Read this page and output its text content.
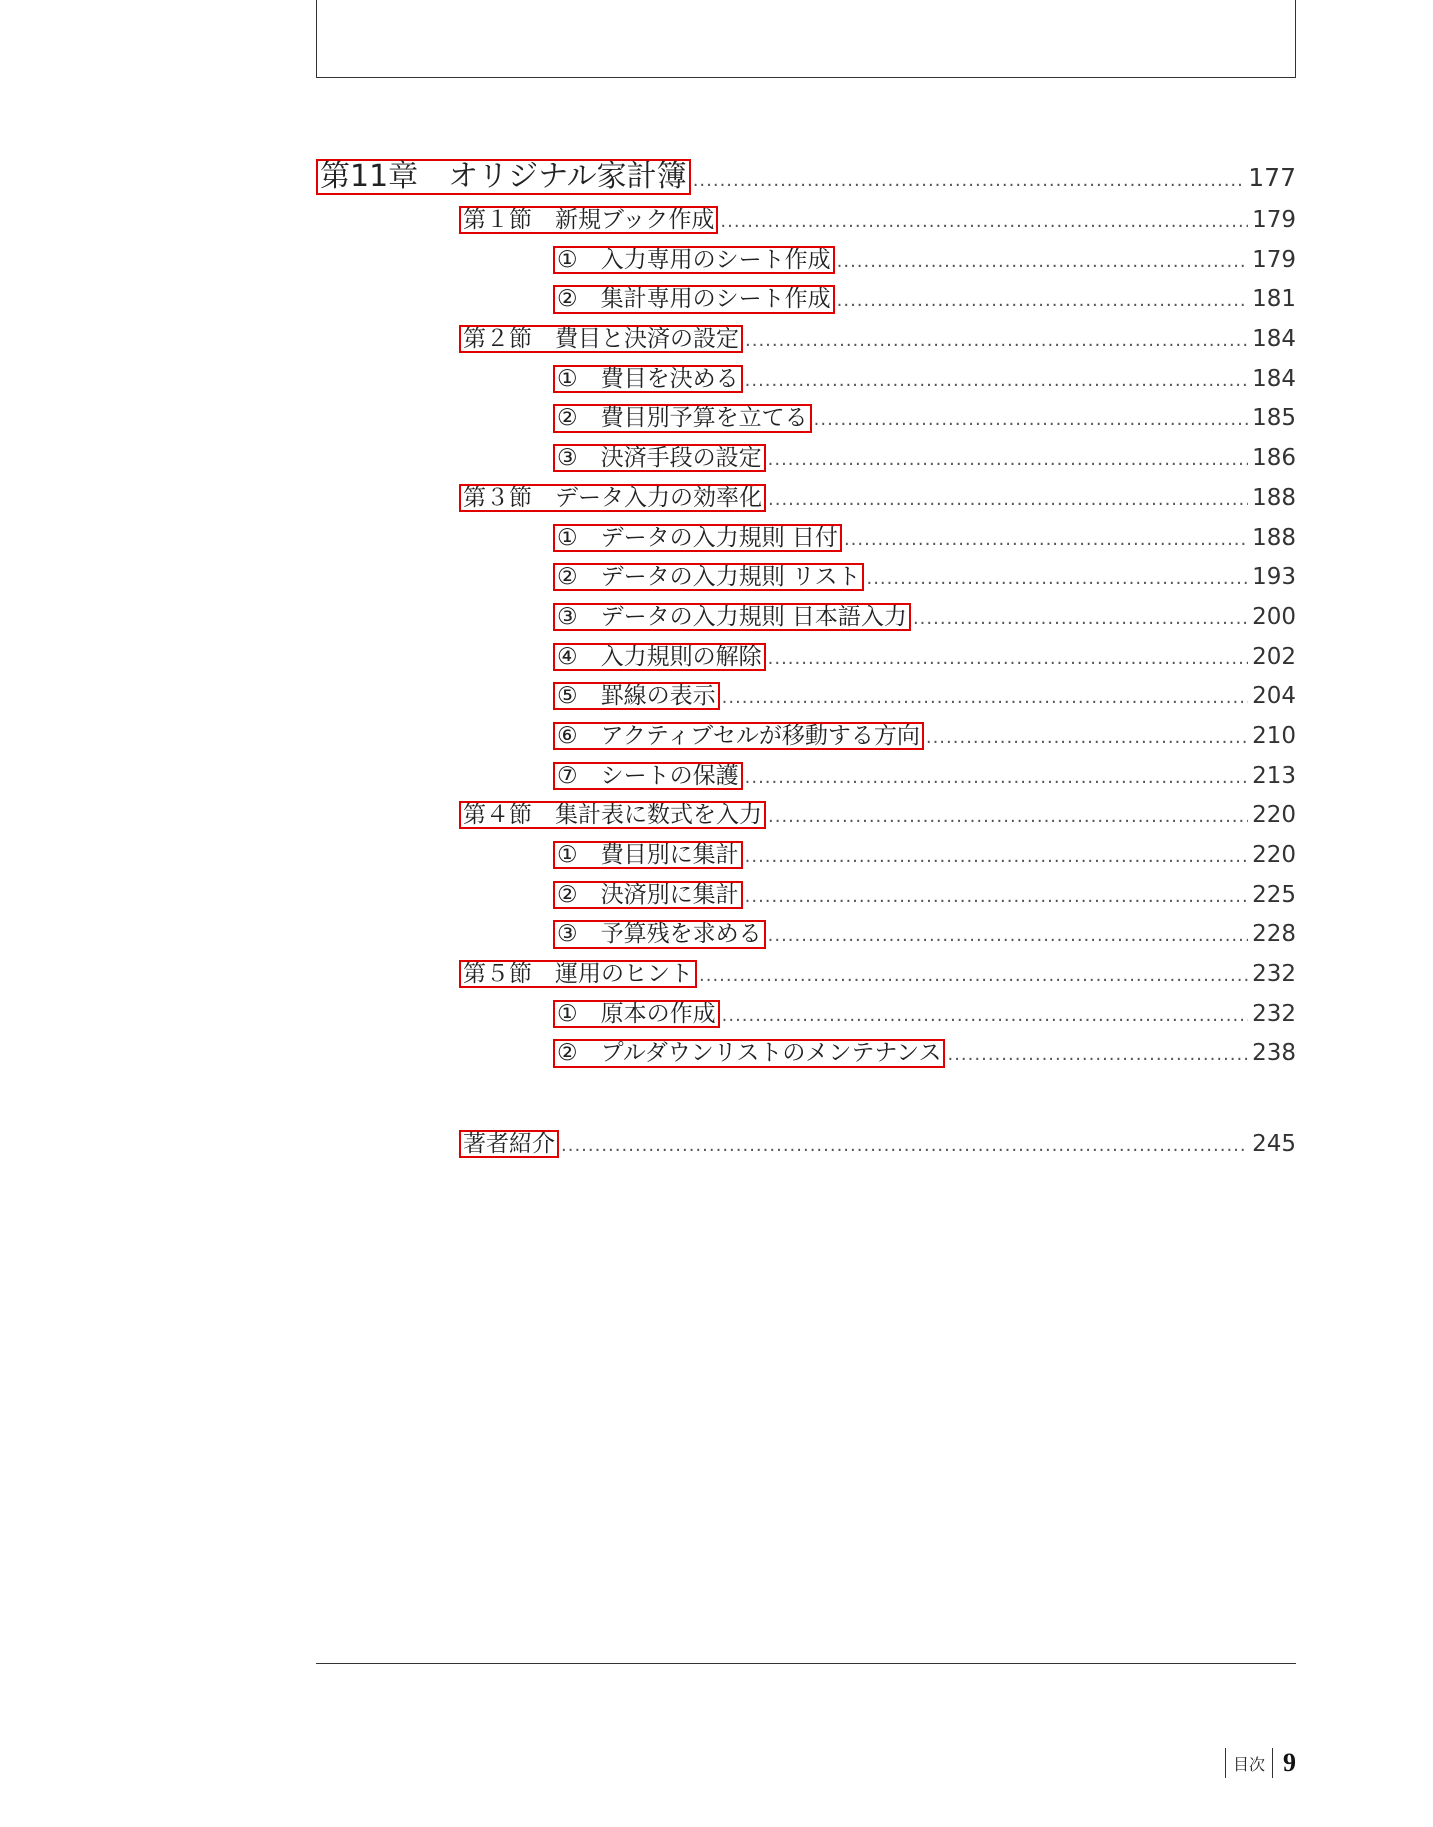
第11章　オリジナル家計簿 .....	177
第１節　新規ブック作成 .....	179
①　入力専用のシート作成 .....	179
②　集計専用のシート作成 .....	181
第２節　費目と決済の設定 .....	184
①　費目を決める .....	184
②　費目別予算を立てる .....	185
③　決済手段の設定 .....	186
第３節　データ入力の効率化 .....	188
①　データの入力規則 日付 .....	188
②　データの入力規則 リスト .....	193
③　データの入力規則 日本語入力 .....	200
④　入力規則の解除 .....	202
⑤　罫線の表示 .....	204
⑥　アクティブセルが移動する方向 .....	210
⑦　シートの保護 .....	213
第４節　集計表に数式を入力 .....	220
①　費目別に集計 .....	220
②　決済別に集計 .....	225
③　予算残を求める .....	228
第５節　運用のヒント .....	232
①　原本の作成 .....	232
②　プルダウンリストのメンテナンス .....	238
著者紹介 .....	245
目次 9
